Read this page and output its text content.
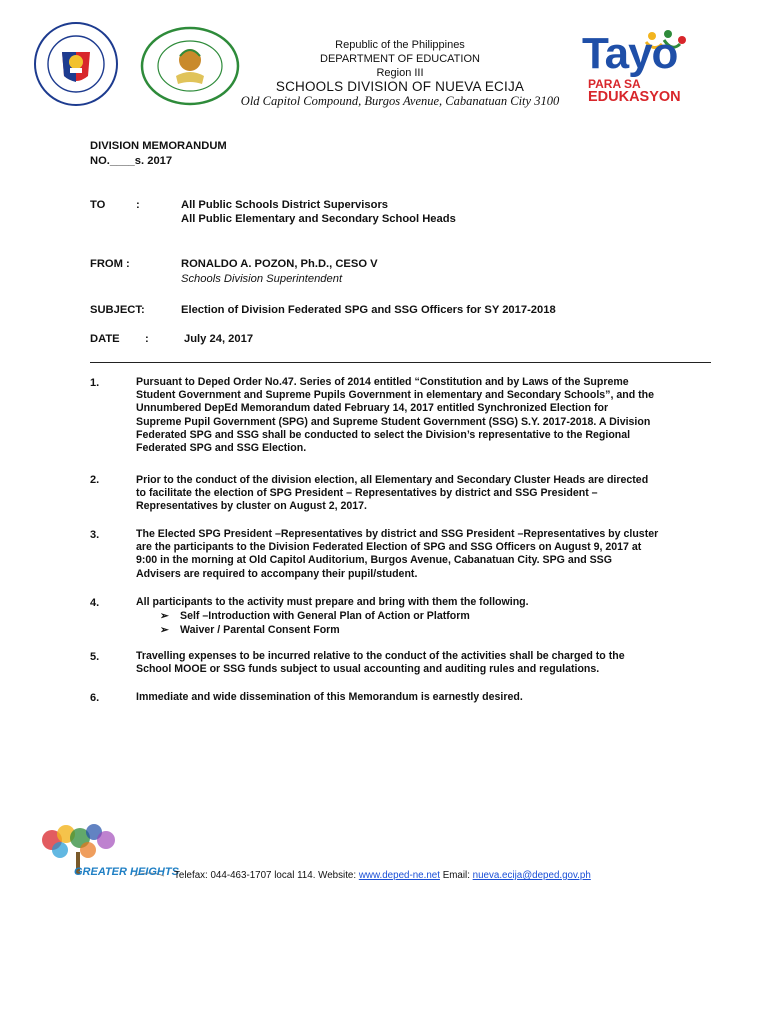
Republic of the Philippines
DEPARTMENT OF EDUCATION
Region III
SCHOOLS DIVISION OF NUEVA ECIJA
Old Capitol Compound, Burgos Avenue, Cabanatuan City 3100
Tayo
PARA SA
EDUKASYON
DIVISION MEMORANDUM
NO.____s. 2017
TO	:	All Public Schools District Supervisors
All Public Elementary and Secondary School Heads
FROM :	RONALDO A. POZON, Ph.D., CESO V
Schools Division Superintendent
SUBJECT:	Election of Division Federated SPG and SSG Officers for SY 2017-2018
DATE :	July 24, 2017
1.	Pursuant to Deped Order No.47. Series of 2014 entitled “Constitution and by Laws of the Supreme
Student Government and Supreme Pupils Government in elementary and Secondary Schools”, and the
Unnumbered DepEd Memorandum dated February 14, 2017 entitled Synchronized Election for
Supreme Pupil Government (SPG) and Supreme Student Government (SSG) S.Y. 2017-2018. A Division
Federated SPG and SSG shall be conducted to select the Division’s representative to the Regional
Federated SPG and SSG Election.
2.	Prior to the conduct of the division election, all Elementary and Secondary Cluster Heads are directed
to facilitate the election of SPG President – Representatives by district and SSG President –
Representatives by cluster on August 2, 2017.
3.	The Elected SPG President –Representatives by district and SSG President –Representatives by cluster
are the participants to the Division Federated Election of SPG and SSG Officers on August 9, 2017 at
9:00 in the morning at Old Capitol Auditorium, Burgos Avenue, Cabanatuan City. SPG and SSG
Advisers are required to accompany their pupil/student.
4.	All participants to the activity must prepare and bring with them the following.
➢ Self –Introduction with General Plan of Action or Platform
➢ Waiver / Parental Consent Form
5.	Travelling expenses to be incurred relative to the conduct of the activities shall be charged to the
School MOOE or SSG funds subject to usual accounting and auditing rules and regulations.
6.	Immediate and wide dissemination of this Memorandum is earnestly desired.
GREATER HEIGHTS
Telefax: 044-463-1707 local 114. Website: www.deped-ne.net Email: nueva.ecija@deped.gov.ph
